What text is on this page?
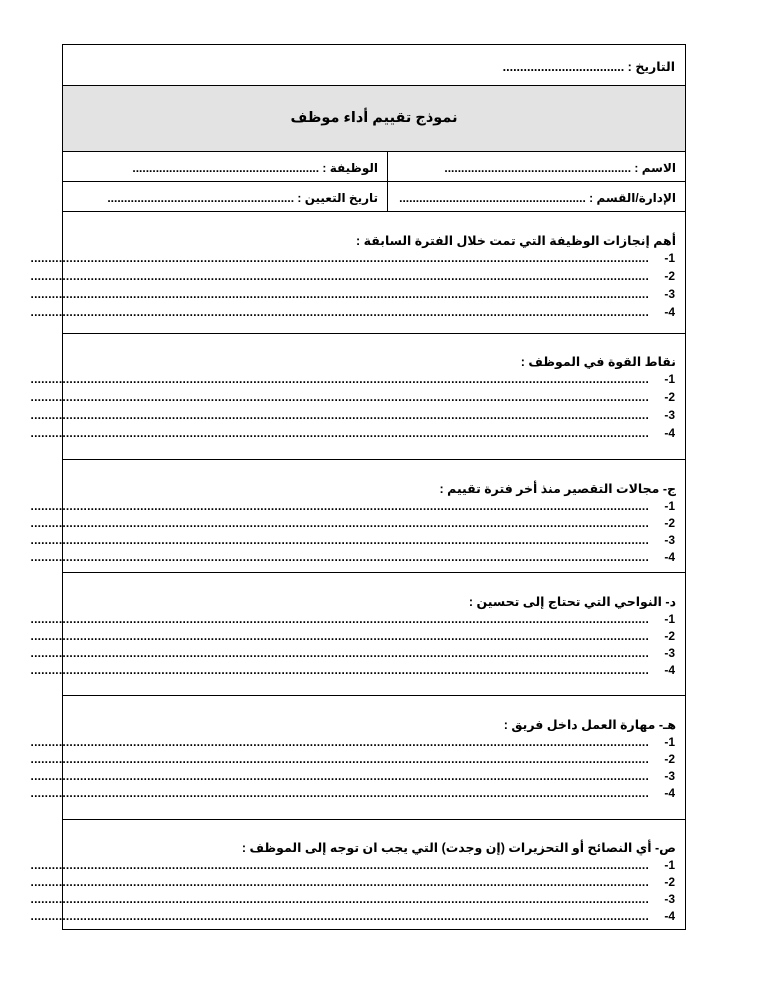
التاريخ : ...................................
نموذج تقييم أداء موظف
الاسم : ........................................................
الوظيفة : ........................................................
الإدارة/القسم : ........................................................
تاريخ التعيين : ........................................................
أهم إنجازات الوظيفة التي تمت خلال الفترة السابقة :
1-
...............................................................................................................................................................................
2-
...............................................................................................................................................................................
3-
...............................................................................................................................................................................
4-
...............................................................................................................................................................................
نقاط القوة في الموظف :
1-
...............................................................................................................................................................................
2-
...............................................................................................................................................................................
3-
...............................................................................................................................................................................
4-
...............................................................................................................................................................................
ج- مجالات التقصير منذ أخر فترة تقييم :
1-
...............................................................................................................................................................................
2-
...............................................................................................................................................................................
3-
...............................................................................................................................................................................
4-
...............................................................................................................................................................................
د- النواحي التي تحتاج إلى تحسين :
1-
...............................................................................................................................................................................
2-
...............................................................................................................................................................................
3-
...............................................................................................................................................................................
4-
...............................................................................................................................................................................
هـ- مهارة العمل داخل فريق :
1-
...............................................................................................................................................................................
2-
...............................................................................................................................................................................
3-
...............................................................................................................................................................................
4-
...............................................................................................................................................................................
ص- أي النصائح أو التحزيرات (إن وجدت) التي يجب ان توجه إلى الموظف :
1-
...............................................................................................................................................................................
2-
...............................................................................................................................................................................
3-
...............................................................................................................................................................................
4-
...............................................................................................................................................................................
